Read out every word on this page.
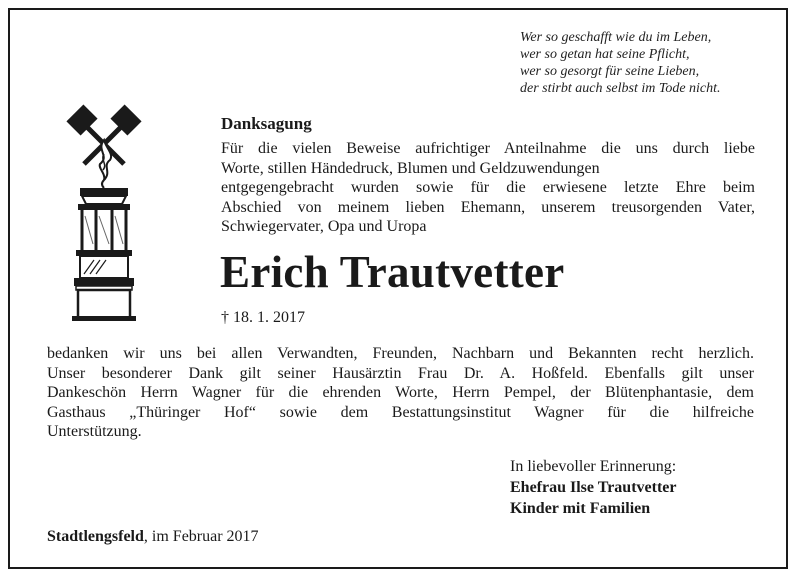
Wer so geschafft wie du im Leben,
wer so getan hat seine Pflicht,
wer so gesorgt für seine Lieben,
der stirbt auch selbst im Tode nicht.
Danksagung
Für die vielen Beweise aufrichtiger Anteilnahme die uns durch liebe
Worte, stillen Händedruck, Blumen und Geldzuwendungen
entgegengebracht wurden sowie für die erwiesene letzte Ehre beim
Abschied von meinem lieben Ehemann, unserem treusorgenden Vater,
Schwiegervater, Opa und Uropa
Erich Trautvetter
† 18. 1. 2017
bedanken wir uns bei allen Verwandten, Freunden, Nachbarn und Bekannten recht herzlich.
Unser besonderer Dank gilt seiner Hausärztin Frau Dr. A. Hoßfeld. Ebenfalls gilt unser
Dankeschön Herrn Wagner für die ehrenden Worte, Herrn Pempel, der Blütenphantasie, dem
Gasthaus „Thüringer Hof“ sowie dem Bestattungsinstitut Wagner für die hilfreiche
Unterstützung.
In liebevoller Erinnerung:
Ehefrau Ilse Trautvetter
Kinder mit Familien
Stadtlengsfeld, im Februar 2017
